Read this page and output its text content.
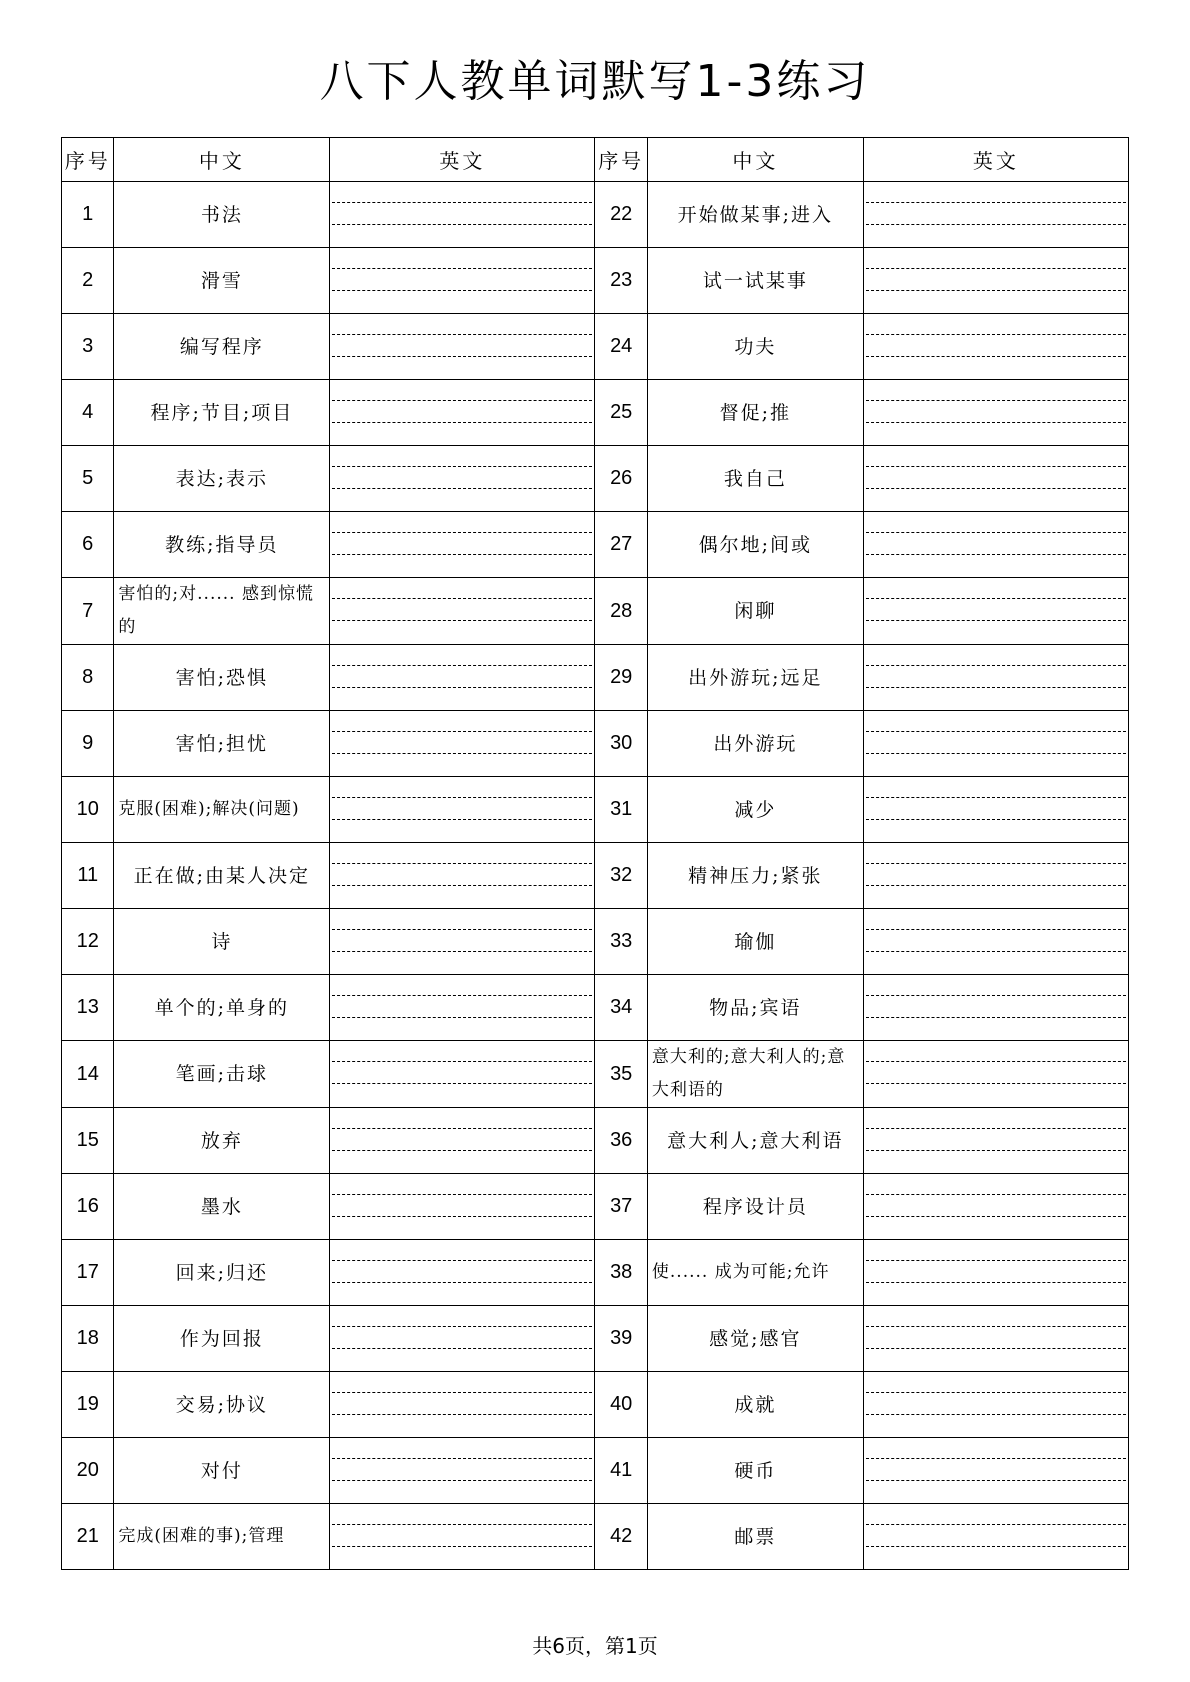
八下人教单词默写1-3练习
序号	中文	英文	序号	中文	英文
1	书法		22	开始做某事;进入	

2	滑雪		23	试一试某事	

3	编写程序		24	功夫	

4	程序;节目;项目		25	督促;推	

5	表达;表示		26	我自己	

6	教练;指导员		27	偶尔地;间或	

7	害怕的;对...... 感到惊慌的		28	闲聊	

8	害怕;恐惧		29	出外游玩;远足	

9	害怕;担忧		30	出外游玩	

10	克服(困难);解决(问题)		31	减少	

11	正在做;由某人决定		32	精神压力;紧张	

12	诗		33	瑜伽	

13	单个的;单身的		34	物品;宾语	

14	笔画;击球		35	意大利的;意大利人的;意大利语的	

15	放弃		36	意大利人;意大利语	

16	墨水		37	程序设计员	

17	回来;归还		38	使...... 成为可能;允许	

18	作为回报		39	感觉;感官	

19	交易;协议		40	成就	

20	对付		41	硬币	

21	完成(困难的事);管理		42	邮票	
共6页，第1页
